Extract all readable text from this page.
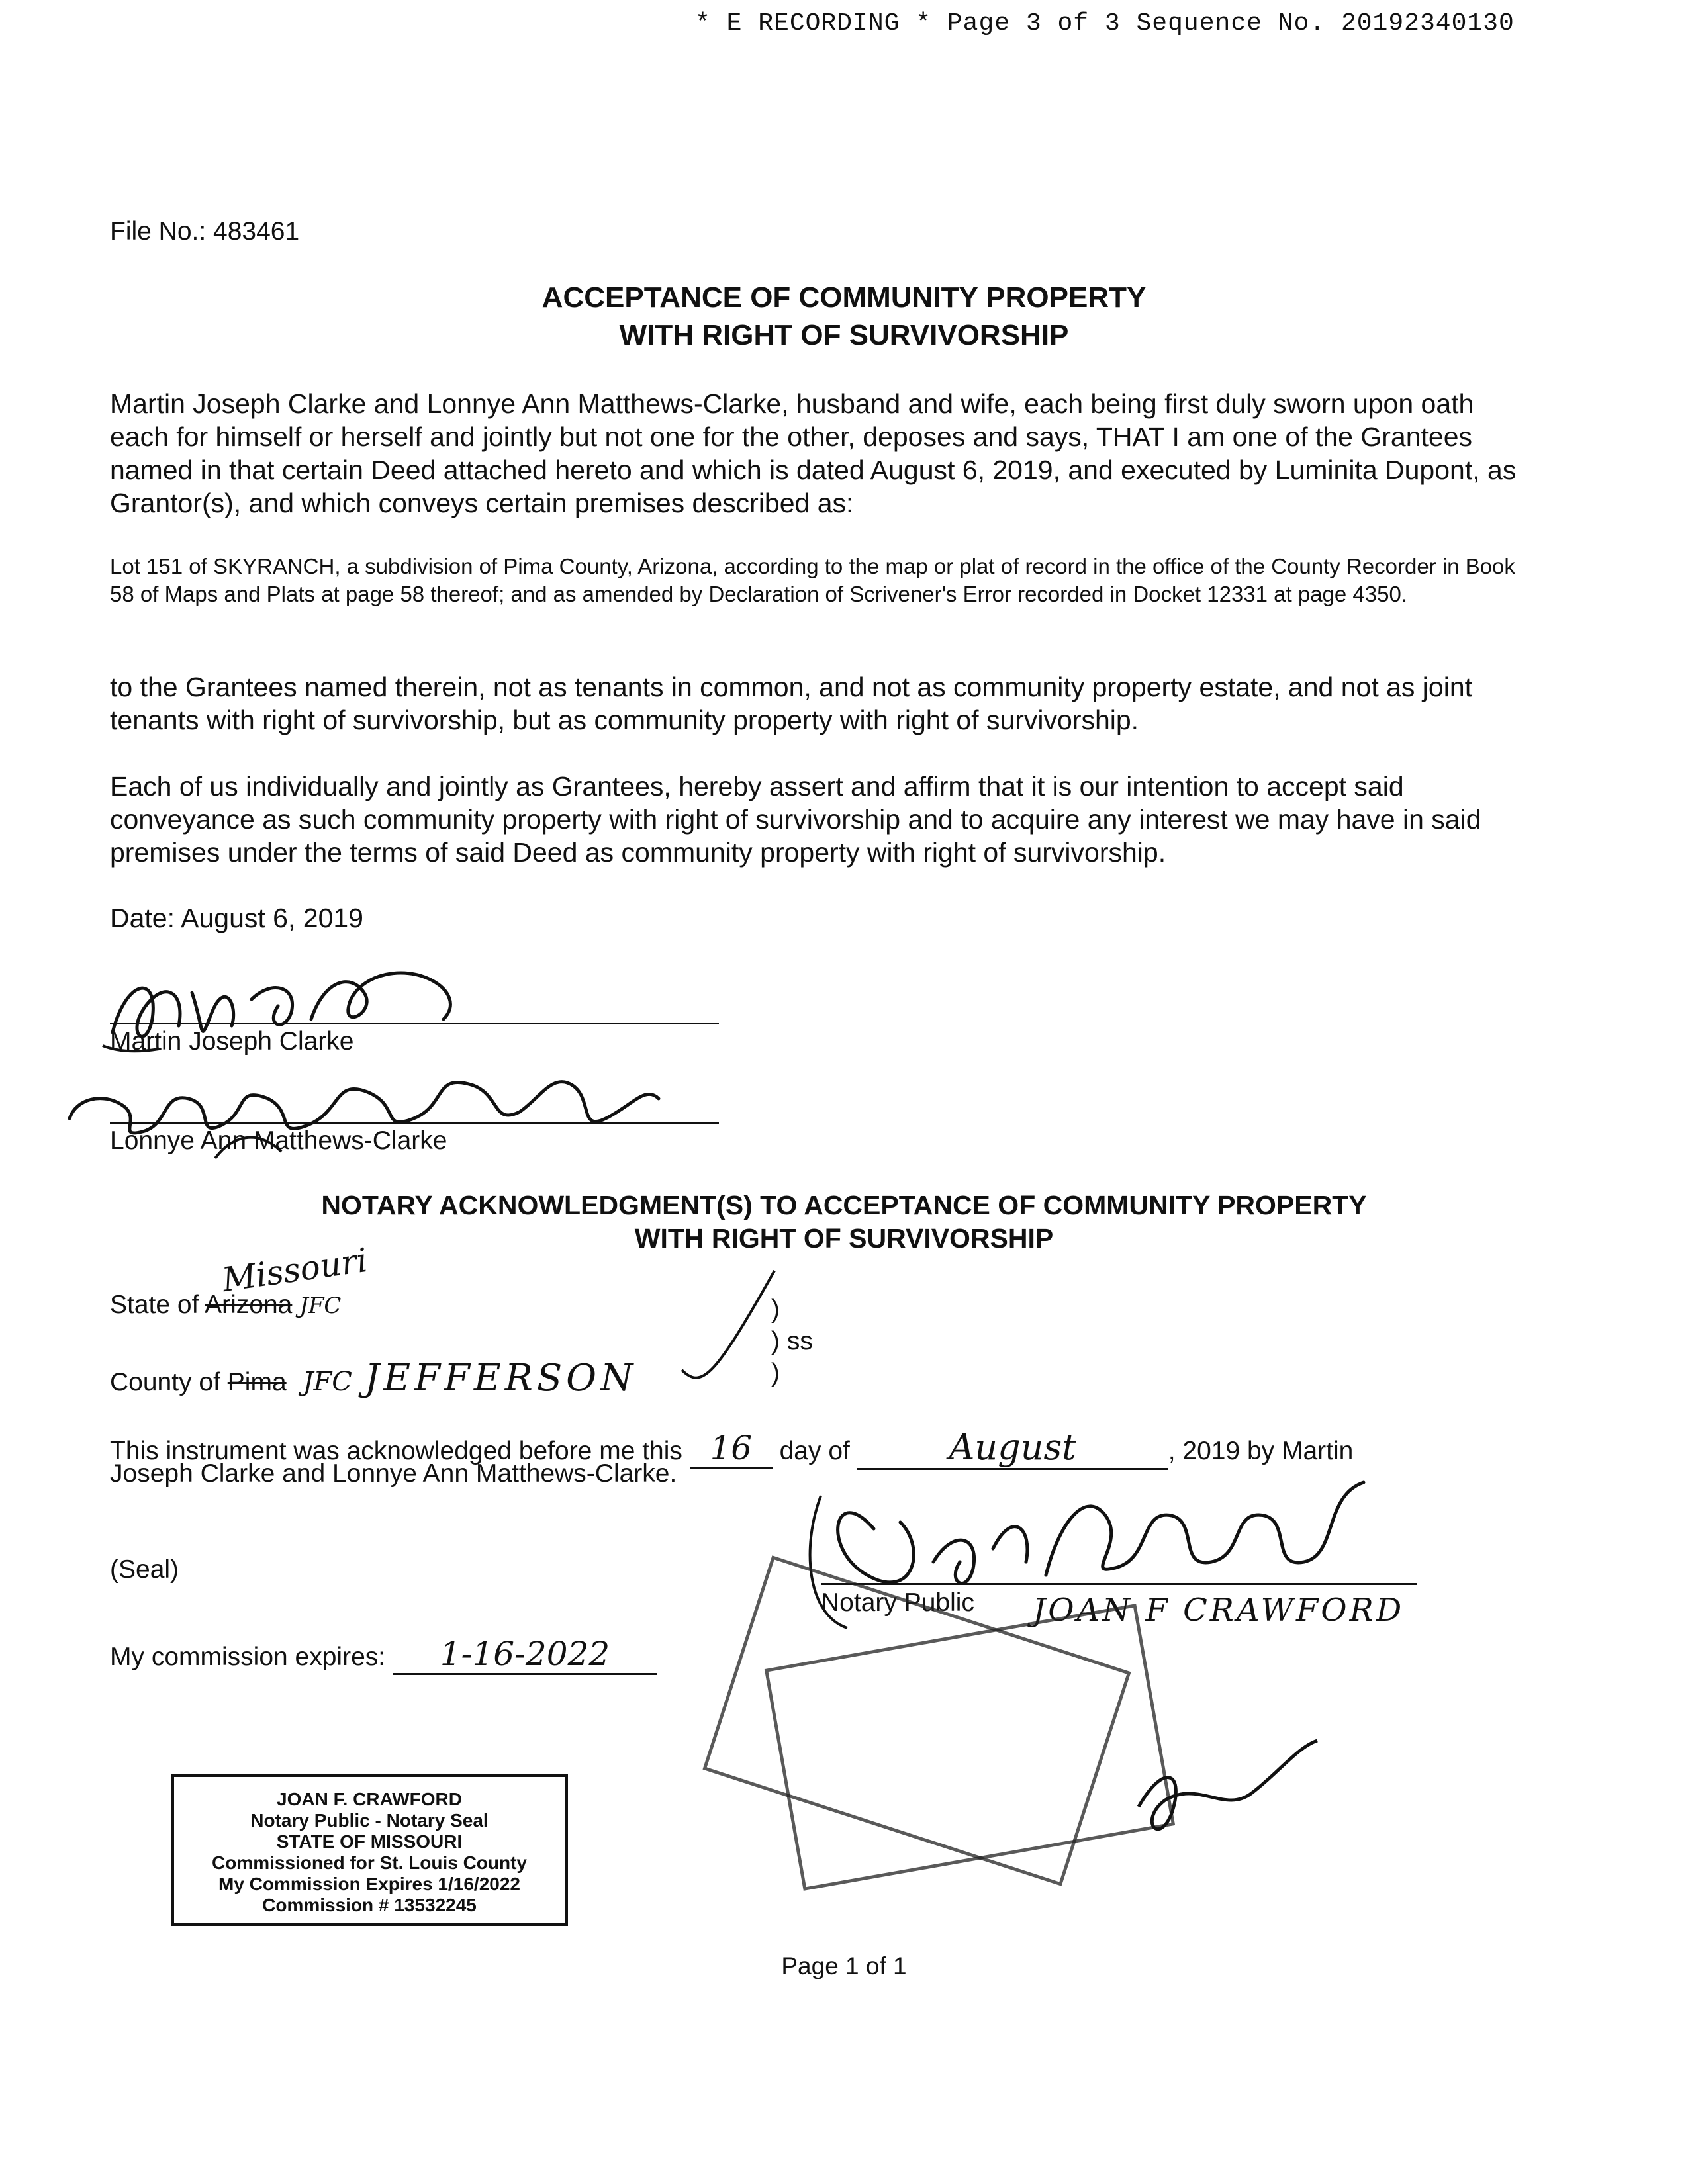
* E RECORDING * Page 3 of 3 Sequence No. 20192340130
File No.: 483461
ACCEPTANCE OF COMMUNITY PROPERTY
WITH RIGHT OF SURVIVORSHIP
Martin Joseph Clarke and Lonnye Ann Matthews-Clarke, husband and wife, each being first duly sworn upon oath each for himself or herself and jointly but not one for the other, deposes and says, THAT I am one of the Grantees named in that certain Deed attached hereto and which is dated August 6, 2019, and executed by Luminita Dupont, as Grantor(s), and which conveys certain premises described as:
Lot 151 of SKYRANCH, a subdivision of Pima County, Arizona, according to the map or plat of record in the office of the County Recorder in Book 58 of Maps and Plats at page 58 thereof; and as amended by Declaration of Scrivener's Error recorded in Docket 12331 at page 4350.
to the Grantees named therein, not as tenants in common, and not as community property estate, and not as joint tenants with right of survivorship, but as community property with right of survivorship.
Each of us individually and jointly as Grantees, hereby assert and affirm that it is our intention to accept said conveyance as such community property with right of survivorship and to acquire any interest we may have in said premises under the terms of said Deed as community property with right of survivorship.
Date: August 6, 2019
Martin Joseph Clarke
Lonnye Ann Matthews-Clarke
NOTARY ACKNOWLEDGMENT(S) TO ACCEPTANCE OF COMMUNITY PROPERTY
WITH RIGHT OF SURVIVORSHIP
State of Arizona JFC
Missouri
County of Pima JFC JEFFERSON
)
) ss
)
This instrument was acknowledged before me this 16 day of	August	, 2019 by Martin
Joseph Clarke and Lonnye Ann Matthews-Clarke.
(Seal)
My commission expires: 1-16-2022
Notary Public JOAN F CRAWFORD
JOAN F. CRAWFORD
Notary Public - Notary Seal
STATE OF MISSOURI
Commissioned for St. Louis County
My Commission Expires 1/16/2022
Commission # 13532245
Page 1 of 1
